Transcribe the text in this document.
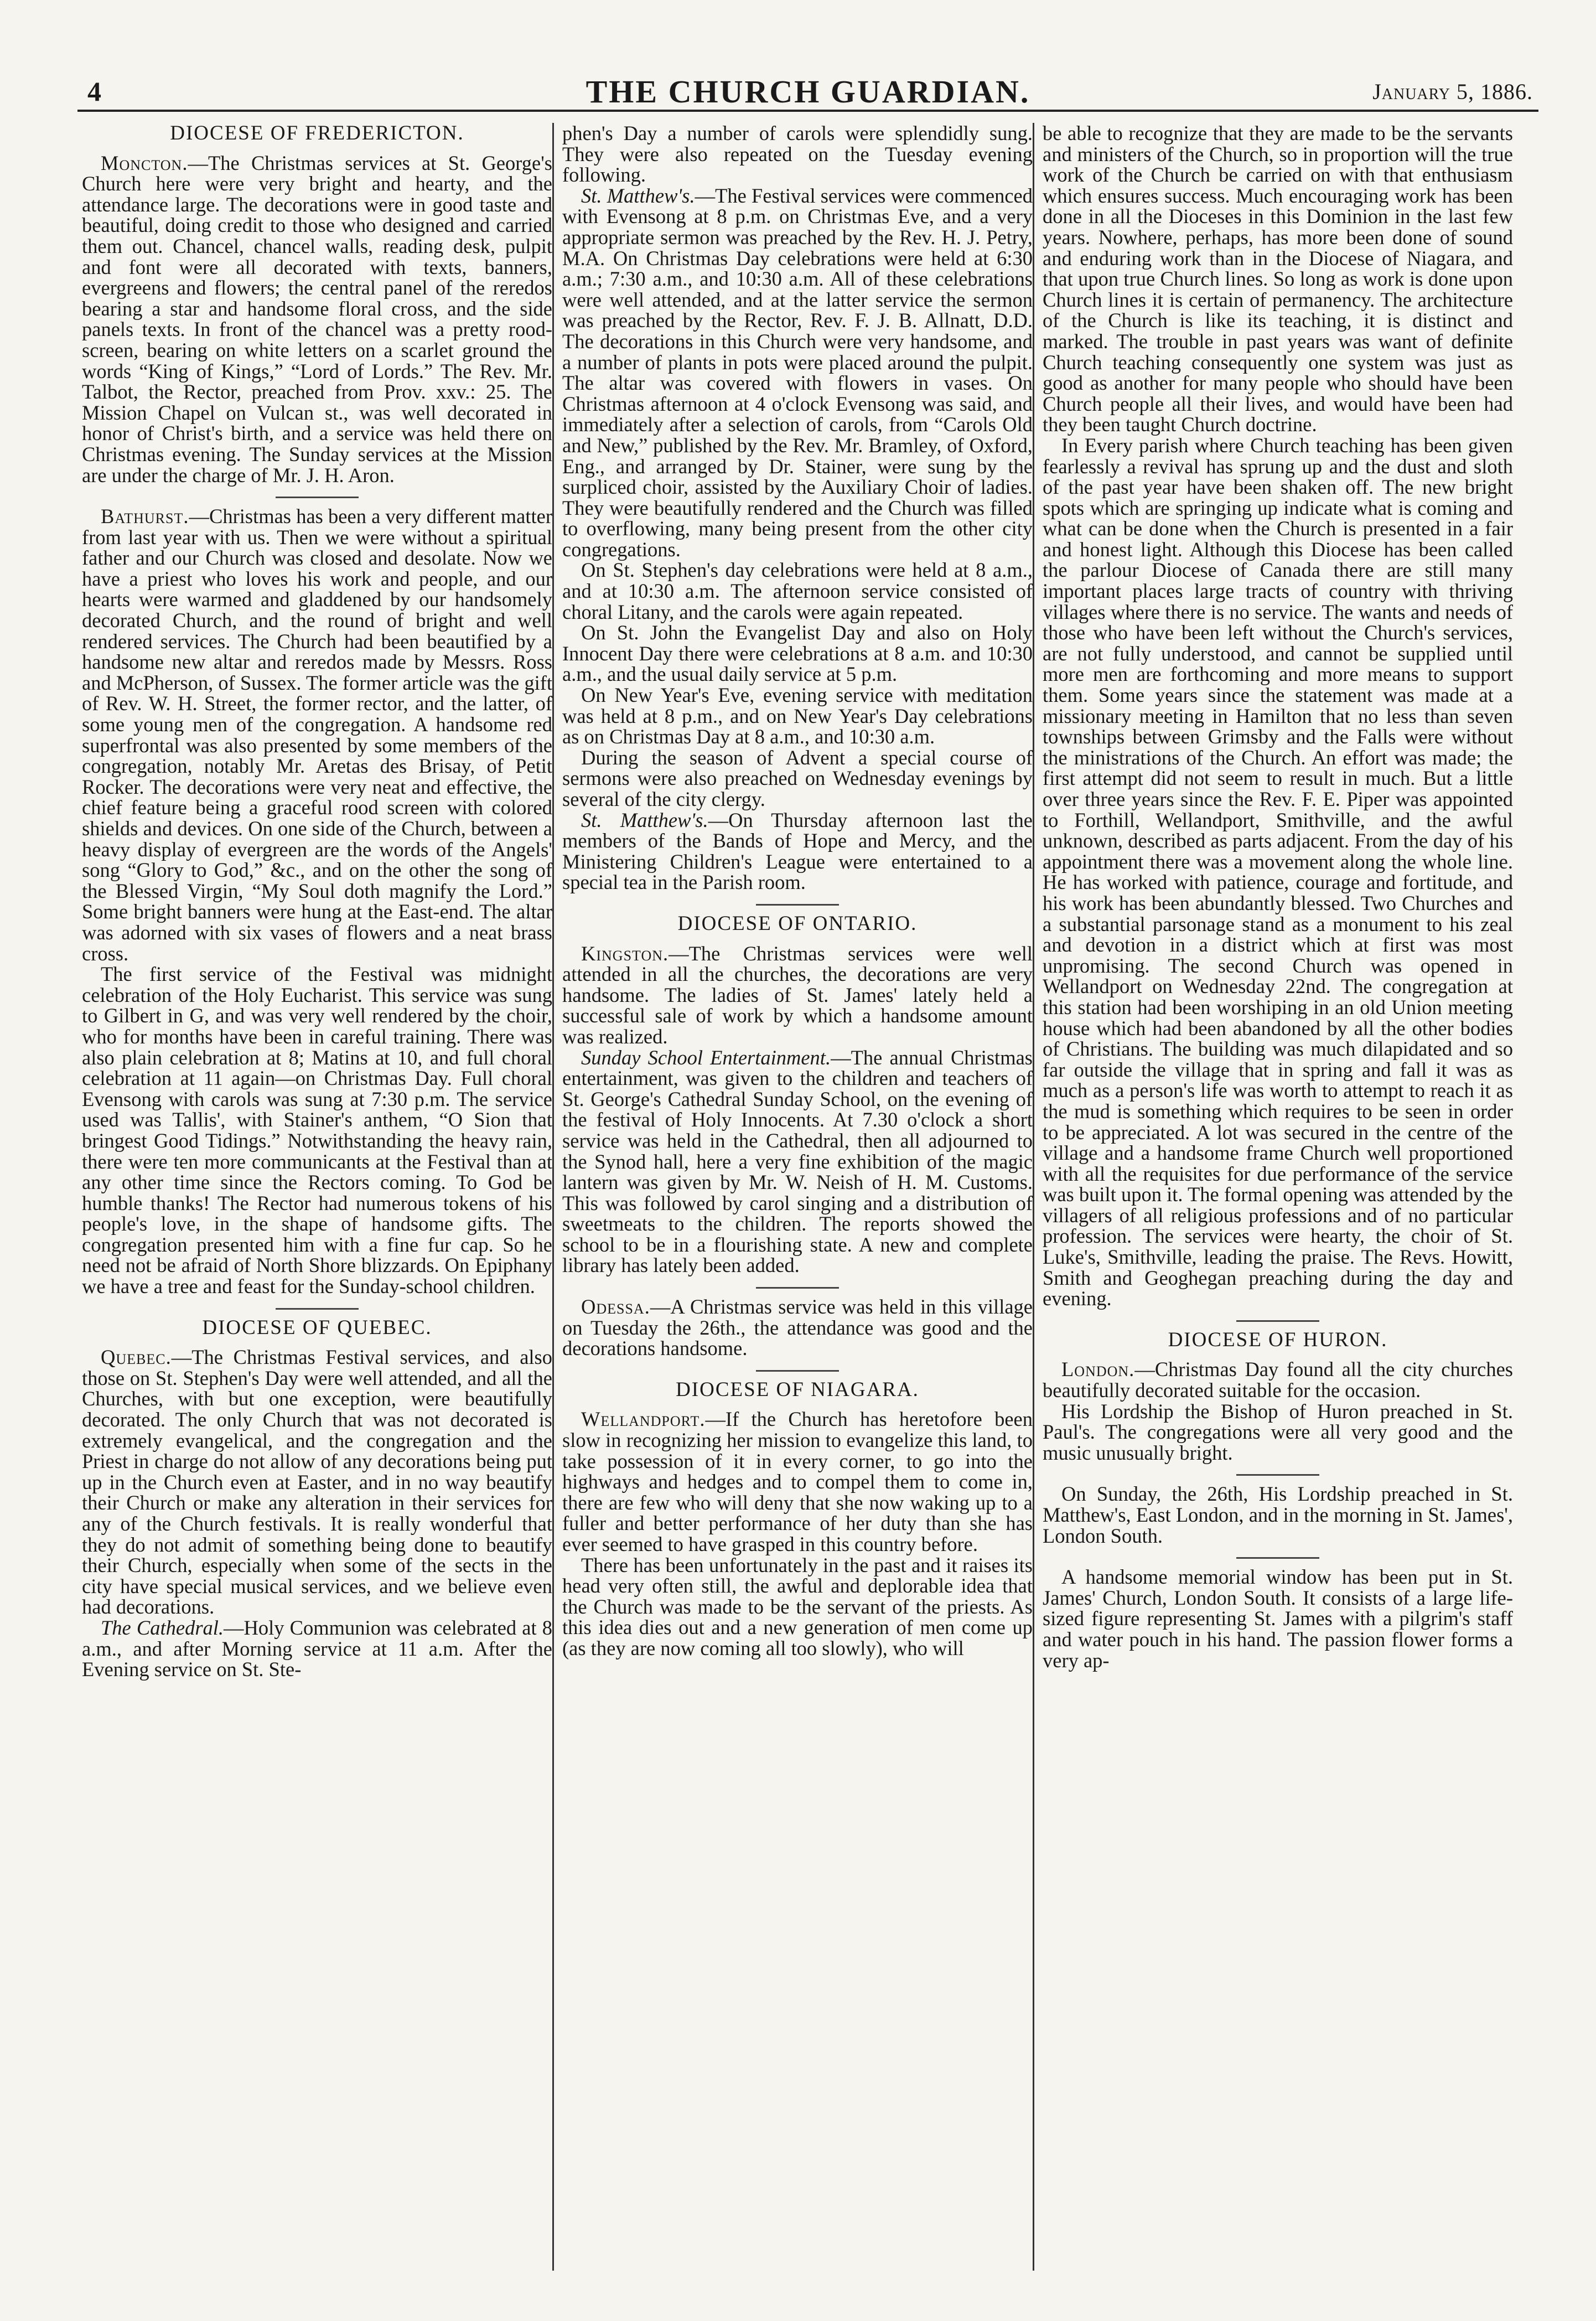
4	THE CHURCH GUARDIAN.	January 5, 1886.
DIOCESE OF FREDERICTON.

Moncton.—The Christmas services at St. George's Church here were very bright and hearty, and the attendance large. The decorations were in good taste and beautiful, doing credit to those who designed and carried them out. Chancel, chancel walls, reading desk, pulpit and font were all decorated with texts, banners, evergreens and flowers; the central panel of the reredos bearing a star and handsome floral cross, and the side panels texts. In front of the chancel was a pretty rood-screen, bearing on white letters on a scarlet ground the words “King of Kings,” “Lord of Lords.” The Rev. Mr. Talbot, the Rector, preached from Prov. xxv.: 25. The Mission Chapel on Vulcan st., was well decorated in honor of Christ's birth, and a service was held there on Christmas evening. The Sunday services at the Mission are under the charge of Mr. J. H. Aron.

Bathurst.—Christmas has been a very different matter from last year with us. Then we were without a spiritual father and our Church was closed and desolate. Now we have a priest who loves his work and people, and our hearts were warmed and gladdened by our handsomely decorated Church, and the round of bright and well rendered services. The Church had been beautified by a handsome new altar and reredos made by Messrs. Ross and McPherson, of Sussex. The former article was the gift of Rev. W. H. Street, the former rector, and the latter, of some young men of the congregation. A handsome red superfrontal was also presented by some members of the congregation, notably Mr. Aretas des Brisay, of Petit Rocker. The decorations were very neat and effective, the chief feature being a graceful rood screen with colored shields and devices. On one side of the Church, between a heavy display of evergreen are the words of the Angels' song “Glory to God,” &c., and on the other the song of the Blessed Virgin, “My Soul doth magnify the Lord.” Some bright banners were hung at the East-end. The altar was adorned with six vases of flowers and a neat brass cross.

The first service of the Festival was midnight celebration of the Holy Eucharist. This service was sung to Gilbert in G, and was very well rendered by the choir, who for months have been in careful training. There was also plain celebration at 8; Matins at 10, and full choral celebration at 11 again—on Christmas Day. Full choral Evensong with carols was sung at 7:30 p.m. The service used was Tallis', with Stainer's anthem, “O Sion that bringest Good Tidings.” Notwithstanding the heavy rain, there were ten more communicants at the Festival than at any other time since the Rectors coming. To God be humble thanks! The Rector had numerous tokens of his people's love, in the shape of handsome gifts. The congregation presented him with a fine fur cap. So he need not be afraid of North Shore blizzards. On Epiphany we have a tree and feast for the Sunday-school children.

DIOCESE OF QUEBEC.

Quebec.—The Christmas Festival services, and also those on St. Stephen's Day were well attended, and all the Churches, with but one exception, were beautifully decorated. The only Church that was not decorated is extremely evangelical, and the congregation and the Priest in charge do not allow of any decorations being put up in the Church even at Easter, and in no way beautify their Church or make any alteration in their services for any of the Church festivals. It is really wonderful that they do not admit of something being done to beautify their Church, especially when some of the sects in the city have special musical services, and we believe even had decorations.

The Cathedral.—Holy Communion was celebrated at 8 a.m., and after Morning service at 11 a.m. After the Evening service on St. Ste-

phen's Day a number of carols were splendidly sung. They were also repeated on the Tuesday evening following.

St. Matthew's.—The Festival services were commenced with Evensong at 8 p.m. on Christmas Eve, and a very appropriate sermon was preached by the Rev. H. J. Petry, M.A. On Christmas Day celebrations were held at 6:30 a.m.; 7:30 a.m., and 10:30 a.m. All of these celebrations were well attended, and at the latter service the sermon was preached by the Rector, Rev. F. J. B. Allnatt, D.D. The decorations in this Church were very handsome, and a number of plants in pots were placed around the pulpit. The altar was covered with flowers in vases. On Christmas afternoon at 4 o'clock Evensong was said, and immediately after a selection of carols, from “Carols Old and New,” published by the Rev. Mr. Bramley, of Oxford, Eng., and arranged by Dr. Stainer, were sung by the surpliced choir, assisted by the Auxiliary Choir of ladies. They were beautifully rendered and the Church was filled to overflowing, many being present from the other city congregations.

On St. Stephen's day celebrations were held at 8 a.m., and at 10:30 a.m. The afternoon service consisted of choral Litany, and the carols were again repeated.

On St. John the Evangelist Day and also on Holy Innocent Day there were celebrations at 8 a.m. and 10:30 a.m., and the usual daily service at 5 p.m.

On New Year's Eve, evening service with meditation was held at 8 p.m., and on New Year's Day celebrations as on Christmas Day at 8 a.m., and 10:30 a.m.

During the season of Advent a special course of sermons were also preached on Wednesday evenings by several of the city clergy.

St. Matthew's.—On Thursday afternoon last the members of the Bands of Hope and Mercy, and the Ministering Children's League were entertained to a special tea in the Parish room.

DIOCESE OF ONTARIO.

Kingston.—The Christmas services were well attended in all the churches, the decorations are very handsome. The ladies of St. James' lately held a successful sale of work by which a handsome amount was realized.

Sunday School Entertainment.—The annual Christmas entertainment, was given to the children and teachers of St. George's Cathedral Sunday School, on the evening of the festival of Holy Innocents. At 7.30 o'clock a short service was held in the Cathedral, then all adjourned to the Synod hall, here a very fine exhibition of the magic lantern was given by Mr. W. Neish of H. M. Customs. This was followed by carol singing and a distribution of sweetmeats to the children. The reports showed the school to be in a flourishing state. A new and complete library has lately been added.

Odessa.—A Christmas service was held in this village on Tuesday the 26th., the attendance was good and the decorations handsome.

DIOCESE OF NIAGARA.

Wellandport.—If the Church has heretofore been slow in recognizing her mission to evangelize this land, to take possession of it in every corner, to go into the highways and hedges and to compel them to come in, there are few who will deny that she now waking up to a fuller and better performance of her duty than she has ever seemed to have grasped in this country before.

There has been unfortunately in the past and it raises its head very often still, the awful and deplorable idea that the Church was made to be the servant of the priests. As this idea dies out and a new generation of men come up (as they are now coming all too slowly), who will

be able to recognize that they are made to be the servants and ministers of the Church, so in proportion will the true work of the Church be carried on with that enthusiasm which ensures success. Much encouraging work has been done in all the Dioceses in this Dominion in the last few years. Nowhere, perhaps, has more been done of sound and enduring work than in the Diocese of Niagara, and that upon true Church lines. So long as work is done upon Church lines it is certain of permanency. The architecture of the Church is like its teaching, it is distinct and marked. The trouble in past years was want of definite Church teaching consequently one system was just as good as another for many people who should have been Church people all their lives, and would have been had they been taught Church doctrine.

In Every parish where Church teaching has been given fearlessly a revival has sprung up and the dust and sloth of the past year have been shaken off. The new bright spots which are springing up indicate what is coming and what can be done when the Church is presented in a fair and honest light. Although this Diocese has been called the parlour Diocese of Canada there are still many important places large tracts of country with thriving villages where there is no service. The wants and needs of those who have been left without the Church's services, are not fully understood, and cannot be supplied until more men are forthcoming and more means to support them. Some years since the statement was made at a missionary meeting in Hamilton that no less than seven townships between Grimsby and the Falls were without the ministrations of the Church. An effort was made; the first attempt did not seem to result in much. But a little over three years since the Rev. F. E. Piper was appointed to Forthill, Wellandport, Smithville, and the awful unknown, described as parts adjacent. From the day of his appointment there was a movement along the whole line. He has worked with patience, courage and fortitude, and his work has been abundantly blessed. Two Churches and a substantial parsonage stand as a monument to his zeal and devotion in a district which at first was most unpromising. The second Church was opened in Wellandport on Wednesday 22nd. The congregation at this station had been worshiping in an old Union meeting house which had been abandoned by all the other bodies of Christians. The building was much dilapidated and so far outside the village that in spring and fall it was as much as a person's life was worth to attempt to reach it as the mud is something which requires to be seen in order to be appreciated. A lot was secured in the centre of the village and a handsome frame Church well proportioned with all the requisites for due performance of the service was built upon it. The formal opening was attended by the villagers of all religious professions and of no particular profession. The services were hearty, the choir of St. Luke's, Smithville, leading the praise. The Revs. Howitt, Smith and Geoghegan preaching during the day and evening.

DIOCESE OF HURON.

London.—Christmas Day found all the city churches beautifully decorated suitable for the occasion.

His Lordship the Bishop of Huron preached in St. Paul's. The congregations were all very good and the music unusually bright.

On Sunday, the 26th, His Lordship preached in St. Matthew's, East London, and in the morning in St. James', London South.

A handsome memorial window has been put in St. James' Church, London South. It consists of a large life-sized figure representing St. James with a pilgrim's staff and water pouch in his hand. The passion flower forms a very ap-
